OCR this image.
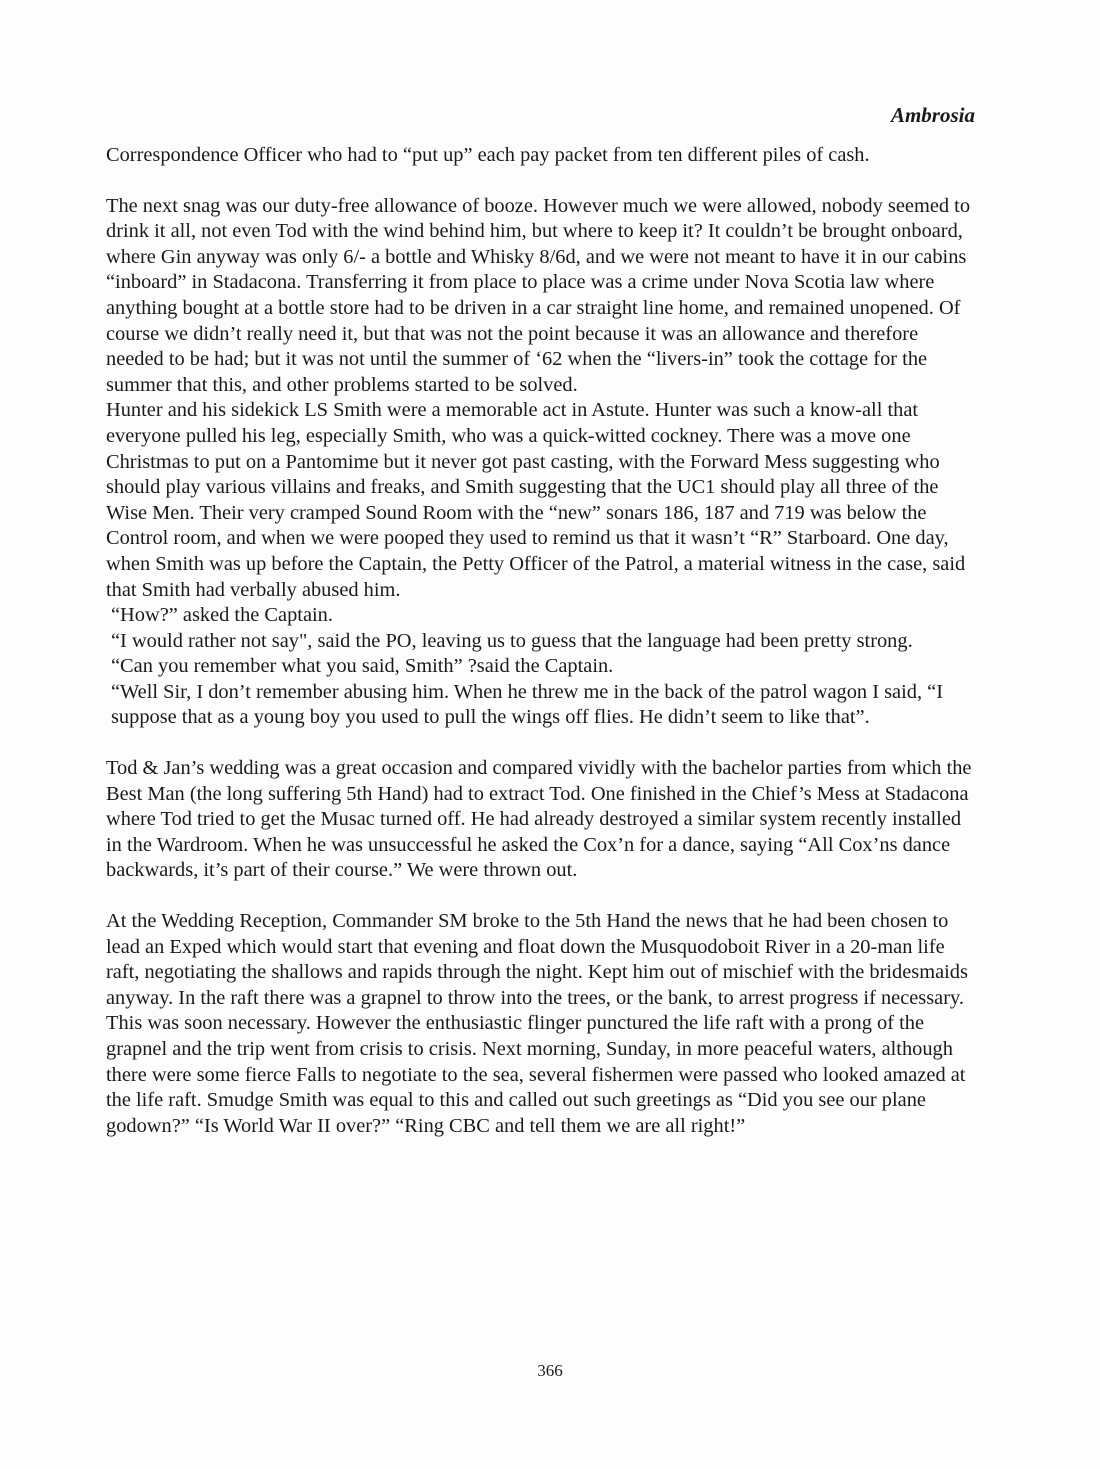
Ambrosia

Correspondence Officer who had to “put up” each pay packet from ten different piles of cash.

The next snag was our duty-free allowance of booze. However much we were allowed, nobody seemed to drink it all, not even Tod with the wind behind him, but where to keep it? It couldn’t be brought onboard, where Gin anyway was only 6/- a bottle and Whisky 8/6d, and we were not meant to have it in our cabins “inboard” in Stadacona. Transferring it from place to place was a crime under Nova Scotia law where anything bought at a bottle store had to be driven in a car straight line home, and remained unopened. Of course we didn’t really need it, but that was not the point because it was an allowance and therefore needed to be had; but it was not until the summer of ‘62 when the “livers-in” took the cottage for the summer that this, and other problems started to be solved.

Hunter and his sidekick LS Smith were a memorable act in Astute. Hunter was such a know-all that everyone pulled his leg, especially Smith, who was a quick-witted cockney. There was a move one Christmas to put on a Pantomime but it never got past casting, with the Forward Mess suggesting who should play various villains and freaks, and Smith suggesting that the UC1 should play all three of the Wise Men. Their very cramped Sound Room with the “new” sonars 186, 187 and 719 was below the Control room, and when we were pooped they used to remind us that it wasn’t “R” Starboard. One day, when Smith was up before the Captain, the Petty Officer of the Patrol, a material witness in the case, said that Smith had verbally abused him.

“How?” asked the Captain.

“I would rather not say", said the PO, leaving us to guess that the language had been pretty strong.

“Can you remember what you said, Smith” ?said the Captain.

“Well Sir, I don’t remember abusing him. When he threw me in the back of the patrol wagon I said, “I suppose that as a young boy you used to pull the wings off flies. He didn’t seem to like that”.

Tod & Jan’s wedding was a great occasion and compared vividly with the bachelor parties from which the Best Man (the long suffering 5th Hand) had to extract Tod. One finished in the Chief’s Mess at Stadacona where Tod tried to get the Musac turned off. He had already destroyed a similar system recently installed in the Wardroom. When he was unsuccessful he asked the Cox’n for a dance, saying “All Cox’ns dance backwards, it’s part of their course.” We were thrown out.

At the Wedding Reception, Commander SM broke to the 5th Hand the news that he had been chosen to lead an Exped which would start that evening and float down the Musquodoboit River in a 20-man life raft, negotiating the shallows and rapids through the night. Kept him out of mischief with the bridesmaids anyway. In the raft there was a grapnel to throw into the trees, or the bank, to arrest progress if necessary. This was soon necessary. However the enthusiastic flinger punctured the life raft with a prong of the grapnel and the trip went from crisis to crisis. Next morning, Sunday, in more peaceful waters, although there were some fierce Falls to negotiate to the sea, several fishermen were passed who looked amazed at the life raft. Smudge Smith was equal to this and called out such greetings as “Did you see our plane godown?” “Is World War II over?” “Ring CBC and tell them we are all right!”

366
